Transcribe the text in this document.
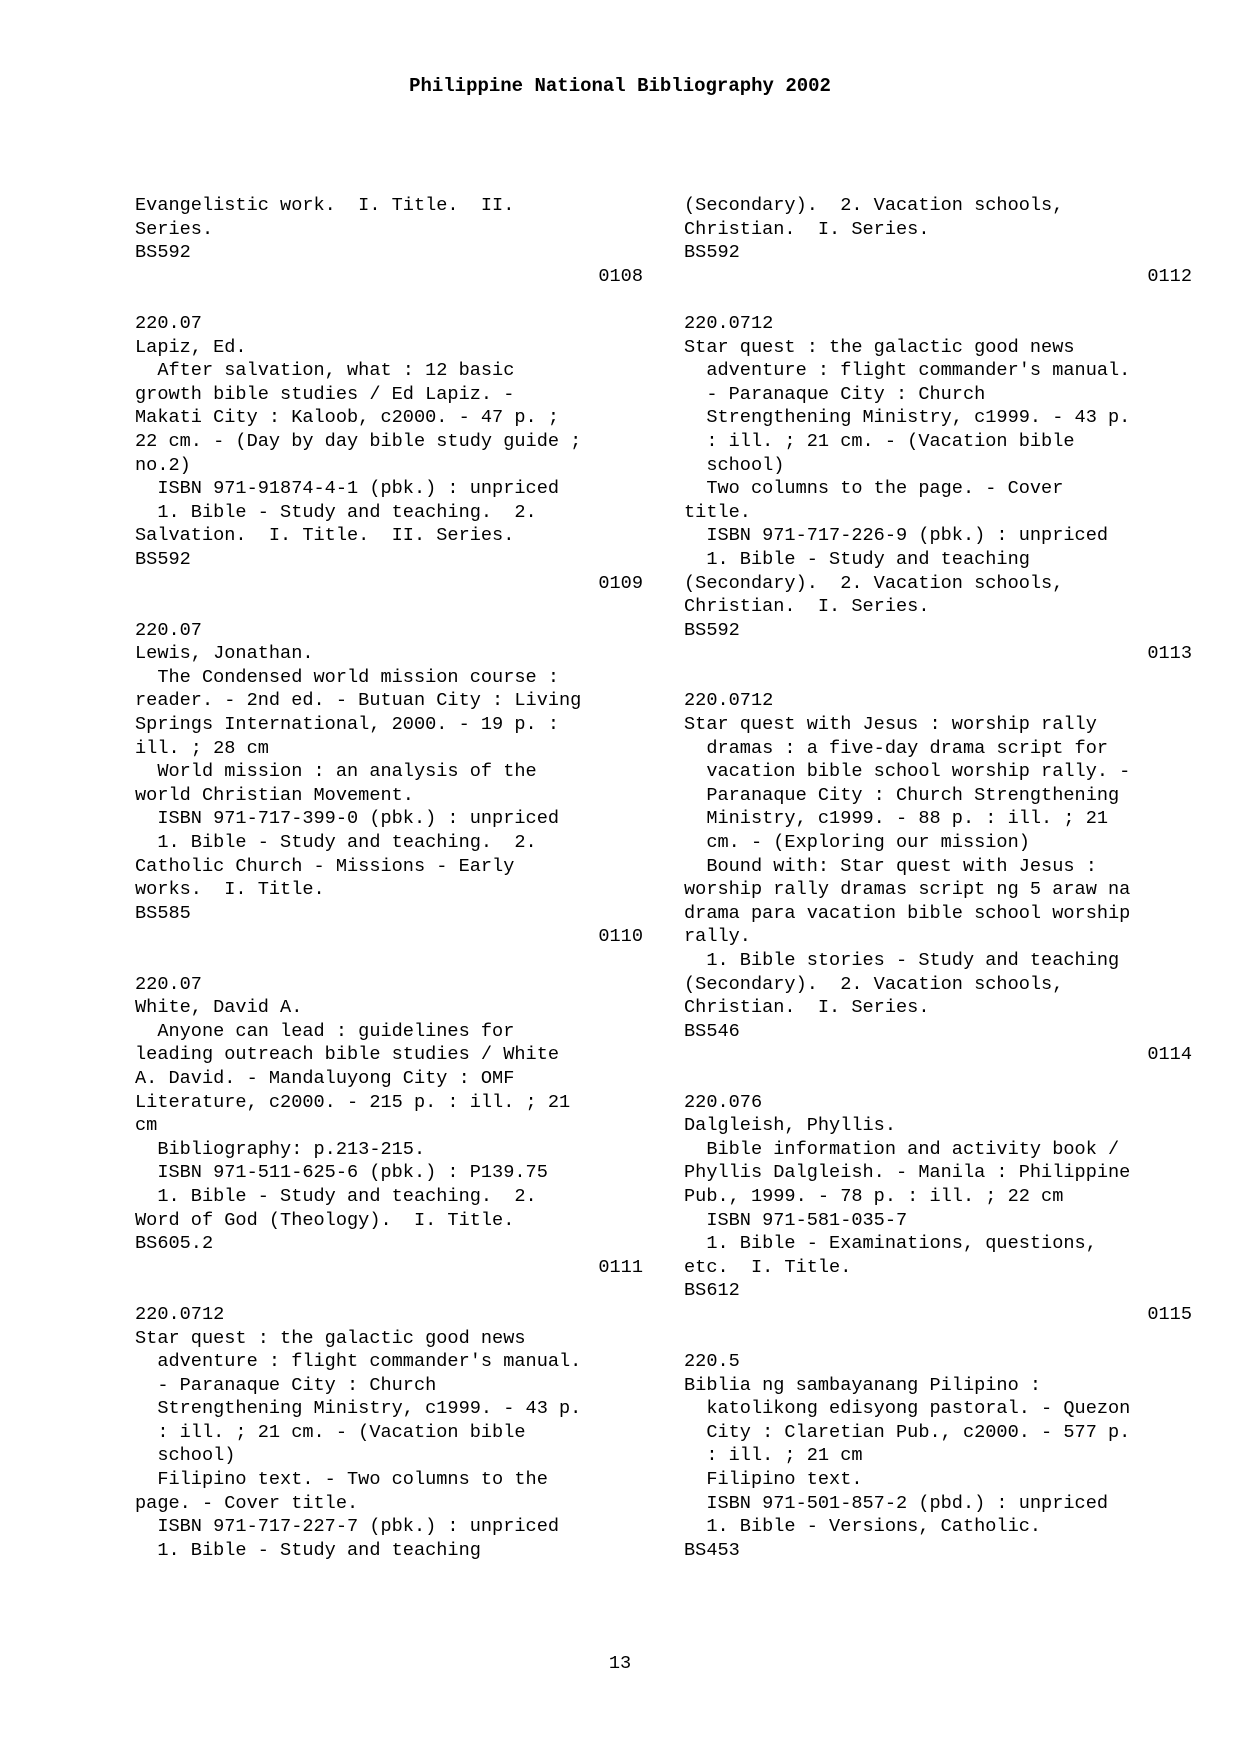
Philippine National Bibliography 2002
Evangelistic work.  I. Title.  II.
Series.
BS592
0108
220.07
Lapiz, Ed.
After salvation, what : 12 basic
growth bible studies / Ed Lapiz. -
Makati City : Kaloob, c2000. - 47 p. ;
22 cm. - (Day by day bible study guide ;
no.2)
ISBN 971-91874-4-1 (pbk.) : unpriced
1. Bible - Study and teaching.  2.
Salvation.  I. Title.  II. Series.
BS592
0109
220.07
Lewis, Jonathan.
The Condensed world mission course :
reader. - 2nd ed. - Butuan City : Living
Springs International, 2000. - 19 p. :
ill. ; 28 cm
World mission : an analysis of the
world Christian Movement.
ISBN 971-717-399-0 (pbk.) : unpriced
1. Bible - Study and teaching.  2.
Catholic Church - Missions - Early
works.  I. Title.
BS585
0110
220.07
White, David A.
Anyone can lead : guidelines for
leading outreach bible studies / White
A. David. - Mandaluyong City : OMF
Literature, c2000. - 215 p. : ill. ; 21
cm
Bibliography: p.213-215.
ISBN 971-511-625-6 (pbk.) : P139.75
1. Bible - Study and teaching.  2.
Word of God (Theology).  I. Title.
BS605.2
0111
220.0712
Star quest : the galactic good news
adventure : flight commander's manual.
- Paranaque City : Church
Strengthening Ministry, c1999. - 43 p.
: ill. ; 21 cm. - (Vacation bible
school)
Filipino text. - Two columns to the
page. - Cover title.
ISBN 971-717-227-7 (pbk.) : unpriced
1. Bible - Study and teaching
(Secondary).  2. Vacation schools,
Christian.  I. Series.
BS592
0112
220.0712
Star quest : the galactic good news
adventure : flight commander's manual.
- Paranaque City : Church
Strengthening Ministry, c1999. - 43 p.
: ill. ; 21 cm. - (Vacation bible
school)
Two columns to the page. - Cover
title.
ISBN 971-717-226-9 (pbk.) : unpriced
1. Bible - Study and teaching
(Secondary).  2. Vacation schools,
Christian.  I. Series.
BS592
0113
220.0712
Star quest with Jesus : worship rally
dramas : a five-day drama script for
vacation bible school worship rally. -
Paranaque City : Church Strengthening
Ministry, c1999. - 88 p. : ill. ; 21
cm. - (Exploring our mission)
Bound with: Star quest with Jesus :
worship rally dramas script ng 5 araw na
drama para vacation bible school worship
rally.
1. Bible stories - Study and teaching
(Secondary).  2. Vacation schools,
Christian.  I. Series.
BS546
0114
220.076
Dalgleish, Phyllis.
Bible information and activity book /
Phyllis Dalgleish. - Manila : Philippine
Pub., 1999. - 78 p. : ill. ; 22 cm
ISBN 971-581-035-7
1. Bible - Examinations, questions,
etc.  I. Title.
BS612
0115
220.5
Biblia ng sambayanang Pilipino :
katolikong edisyong pastoral. - Quezon
City : Claretian Pub., c2000. - 577 p.
: ill. ; 21 cm
Filipino text.
ISBN 971-501-857-2 (pbd.) : unpriced
1. Bible - Versions, Catholic.
BS453
13
